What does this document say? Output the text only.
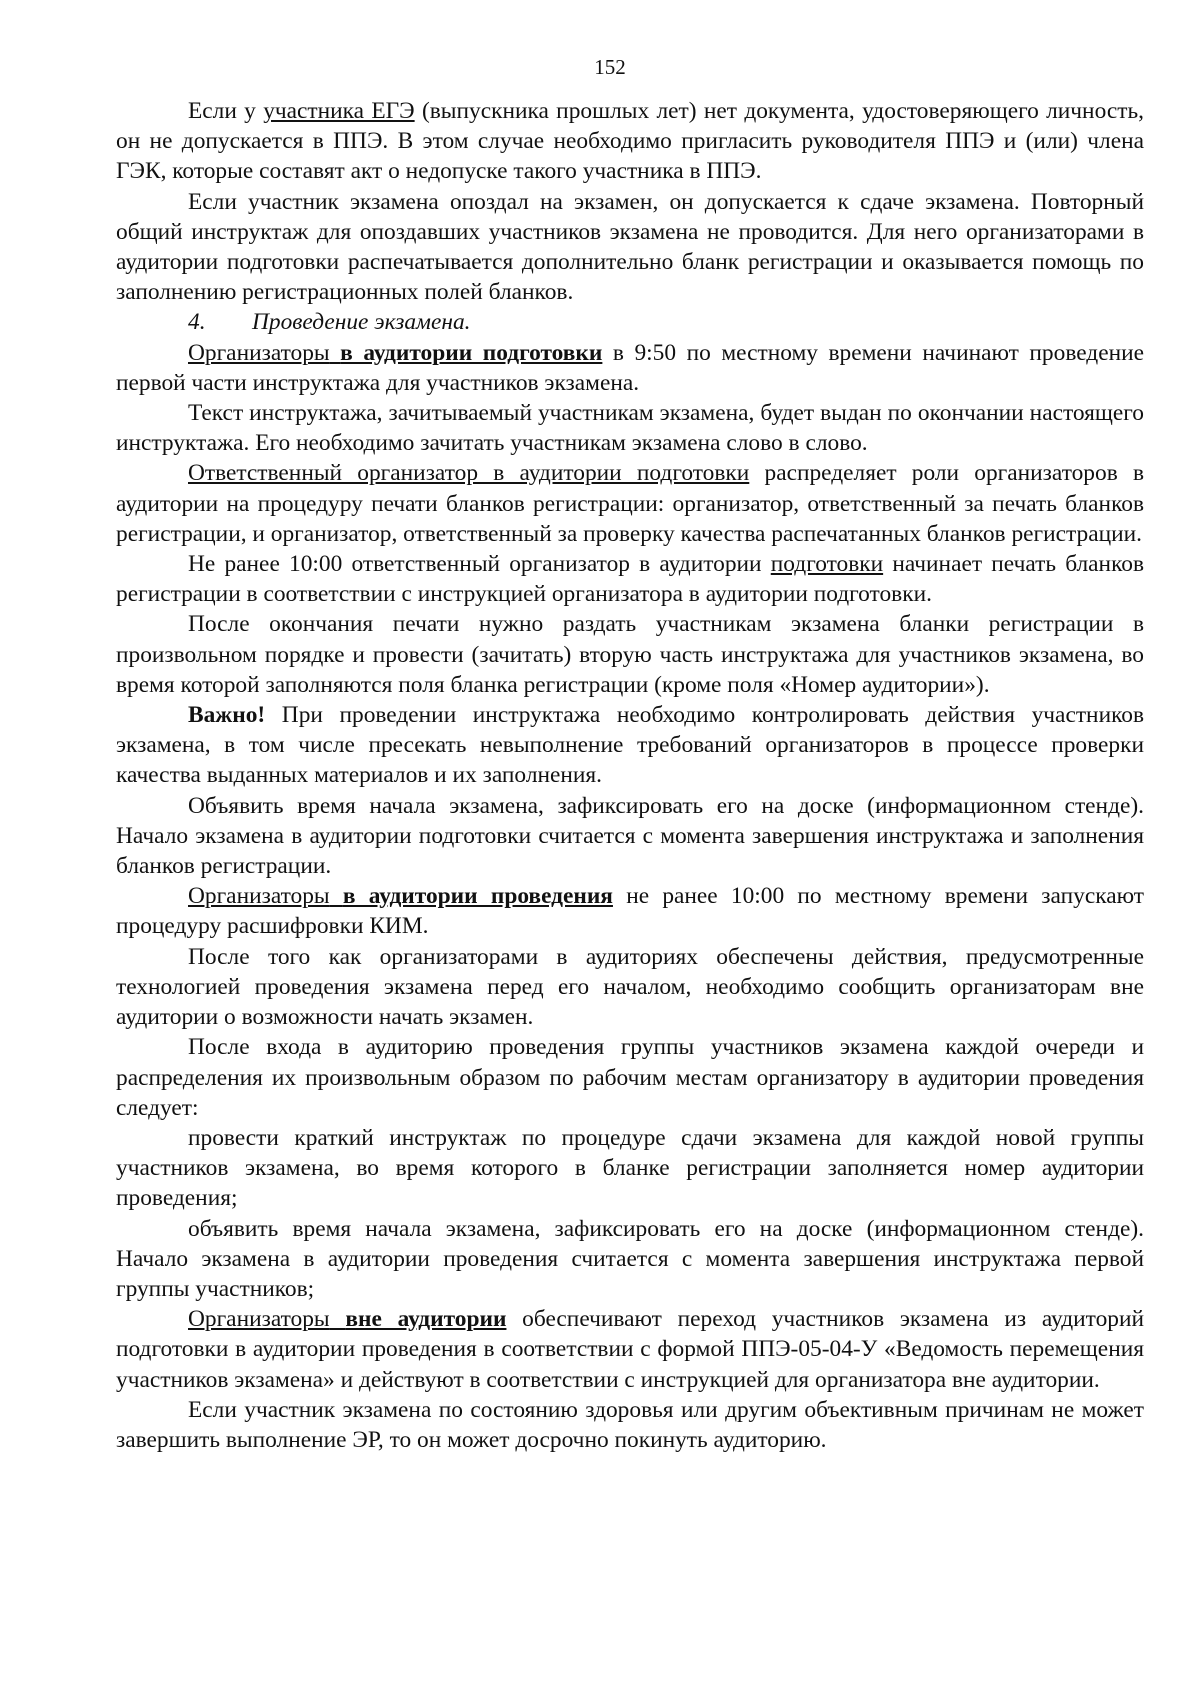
152

Если у участника ЕГЭ (выпускника прошлых лет) нет документа, удостоверяющего личность, он не допускается в ППЭ. В этом случае необходимо пригласить руководителя ППЭ и (или) члена ГЭК, которые составят акт о недопуске такого участника в ППЭ.

Если участник экзамена опоздал на экзамен, он допускается к сдаче экзамена. Повторный общий инструктаж для опоздавших участников экзамена не проводится. Для него организаторами в аудитории подготовки распечатывается дополнительно бланк регистрации и оказывается помощь по заполнению регистрационных полей бланков.

4. Проведение экзамена.

Организаторы в аудитории подготовки в 9:50 по местному времени начинают проведение первой части инструктажа для участников экзамена.

Текст инструктажа, зачитываемый участникам экзамена, будет выдан по окончании настоящего инструктажа. Его необходимо зачитать участникам экзамена слово в слово.

Ответственный организатор в аудитории подготовки распределяет роли организаторов в аудитории на процедуру печати бланков регистрации: организатор, ответственный за печать бланков регистрации, и организатор, ответственный за проверку качества распечатанных бланков регистрации.

Не ранее 10:00 ответственный организатор в аудитории подготовки начинает печать бланков регистрации в соответствии с инструкцией организатора в аудитории подготовки.

После окончания печати нужно раздать участникам экзамена бланки регистрации в произвольном порядке и провести (зачитать) вторую часть инструктажа для участников экзамена, во время которой заполняются поля бланка регистрации (кроме поля «Номер аудитории»).

Важно! При проведении инструктажа необходимо контролировать действия участников экзамена, в том числе пресекать невыполнение требований организаторов в процессе проверки качества выданных материалов и их заполнения.

Объявить время начала экзамена, зафиксировать его на доске (информационном стенде). Начало экзамена в аудитории подготовки считается с момента завершения инструктажа и заполнения бланков регистрации.

Организаторы в аудитории проведения не ранее 10:00 по местному времени запускают процедуру расшифровки КИМ.

После того как организаторами в аудиториях обеспечены действия, предусмотренные технологией проведения экзамена перед его началом, необходимо сообщить организаторам вне аудитории о возможности начать экзамен.

После входа в аудиторию проведения группы участников экзамена каждой очереди и распределения их произвольным образом по рабочим местам организатору в аудитории проведения следует:

провести краткий инструктаж по процедуре сдачи экзамена для каждой новой группы участников экзамена, во время которого в бланке регистрации заполняется номер аудитории проведения;

объявить время начала экзамена, зафиксировать его на доске (информационном стенде). Начало экзамена в аудитории проведения считается с момента завершения инструктажа первой группы участников;

Организаторы вне аудитории обеспечивают переход участников экзамена из аудиторий подготовки в аудитории проведения в соответствии с формой ППЭ-05-04-У «Ведомость перемещения участников экзамена» и действуют в соответствии с инструкцией для организатора вне аудитории.

Если участник экзамена по состоянию здоровья или другим объективным причинам не может завершить выполнение ЭР, то он может досрочно покинуть аудиторию.
